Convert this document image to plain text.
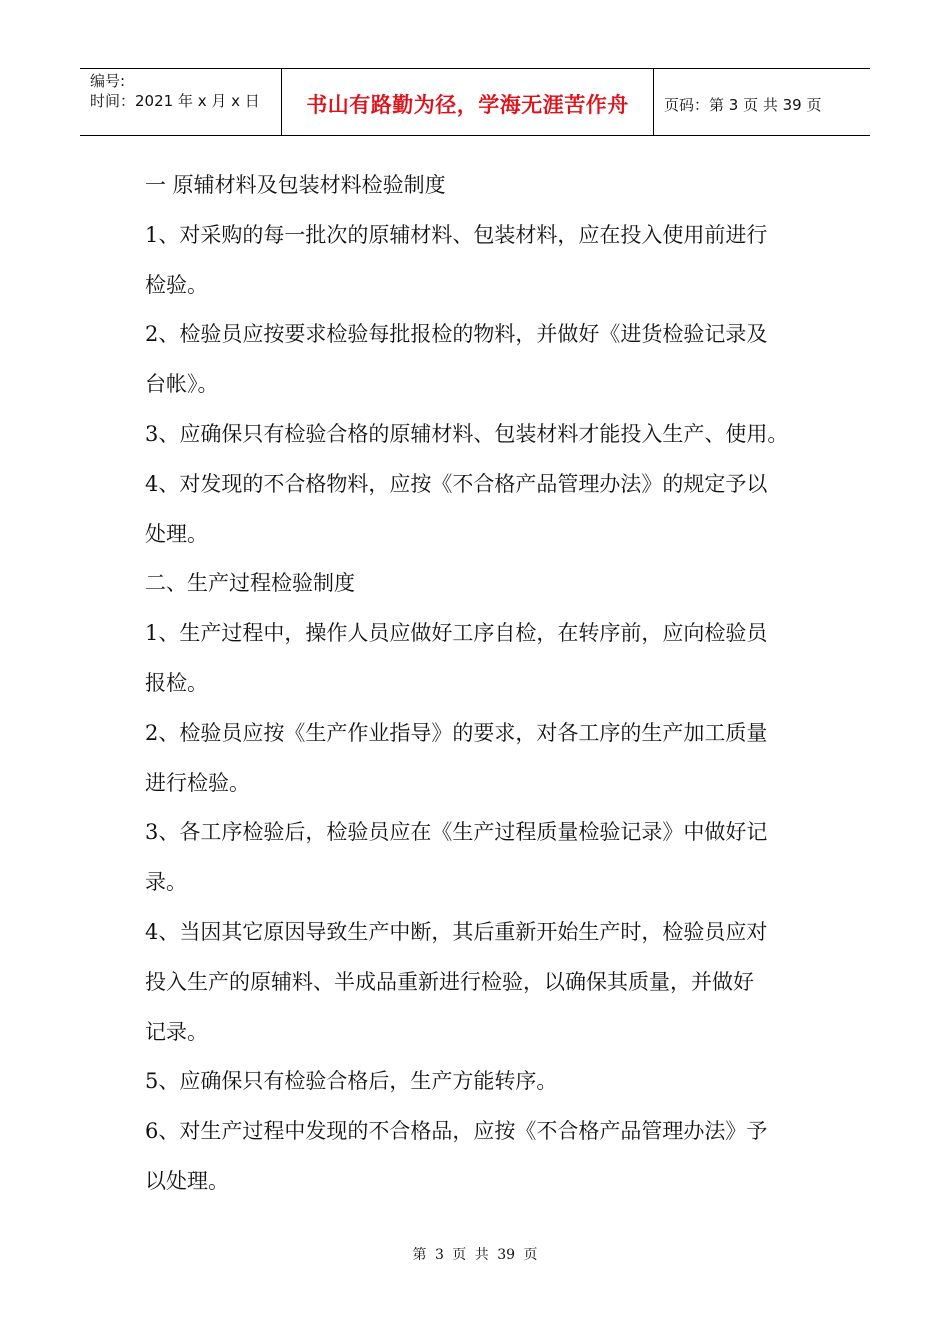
编号:
时间：2021 年 x 月 x 日	书山有路勤为径，学海无涯苦作舟	页码：第 3 页 共 39 页

一 原辅材料及包装材料检验制度

1、对采购的每一批次的原辅材料、包装材料，应在投入使用前进行

检验。

2、检验员应按要求检验每批报检的物料，并做好《进货检验记录及

台帐》。

3、应确保只有检验合格的原辅材料、包装材料才能投入生产、使用。

4、对发现的不合格物料，应按《不合格产品管理办法》的规定予以

处理。

二、生产过程检验制度

1、生产过程中，操作人员应做好工序自检，在转序前，应向检验员

报检。

2、检验员应按《生产作业指导》的要求，对各工序的生产加工质量

进行检验。

3、各工序检验后，检验员应在《生产过程质量检验记录》中做好记

录。

4、当因其它原因导致生产中断，其后重新开始生产时，检验员应对

投入生产的原辅料、半成品重新进行检验，以确保其质量，并做好

记录。

5、应确保只有检验合格后，生产方能转序。

6、对生产过程中发现的不合格品，应按《不合格产品管理办法》予

以处理。

第 3 页 共 39 页
